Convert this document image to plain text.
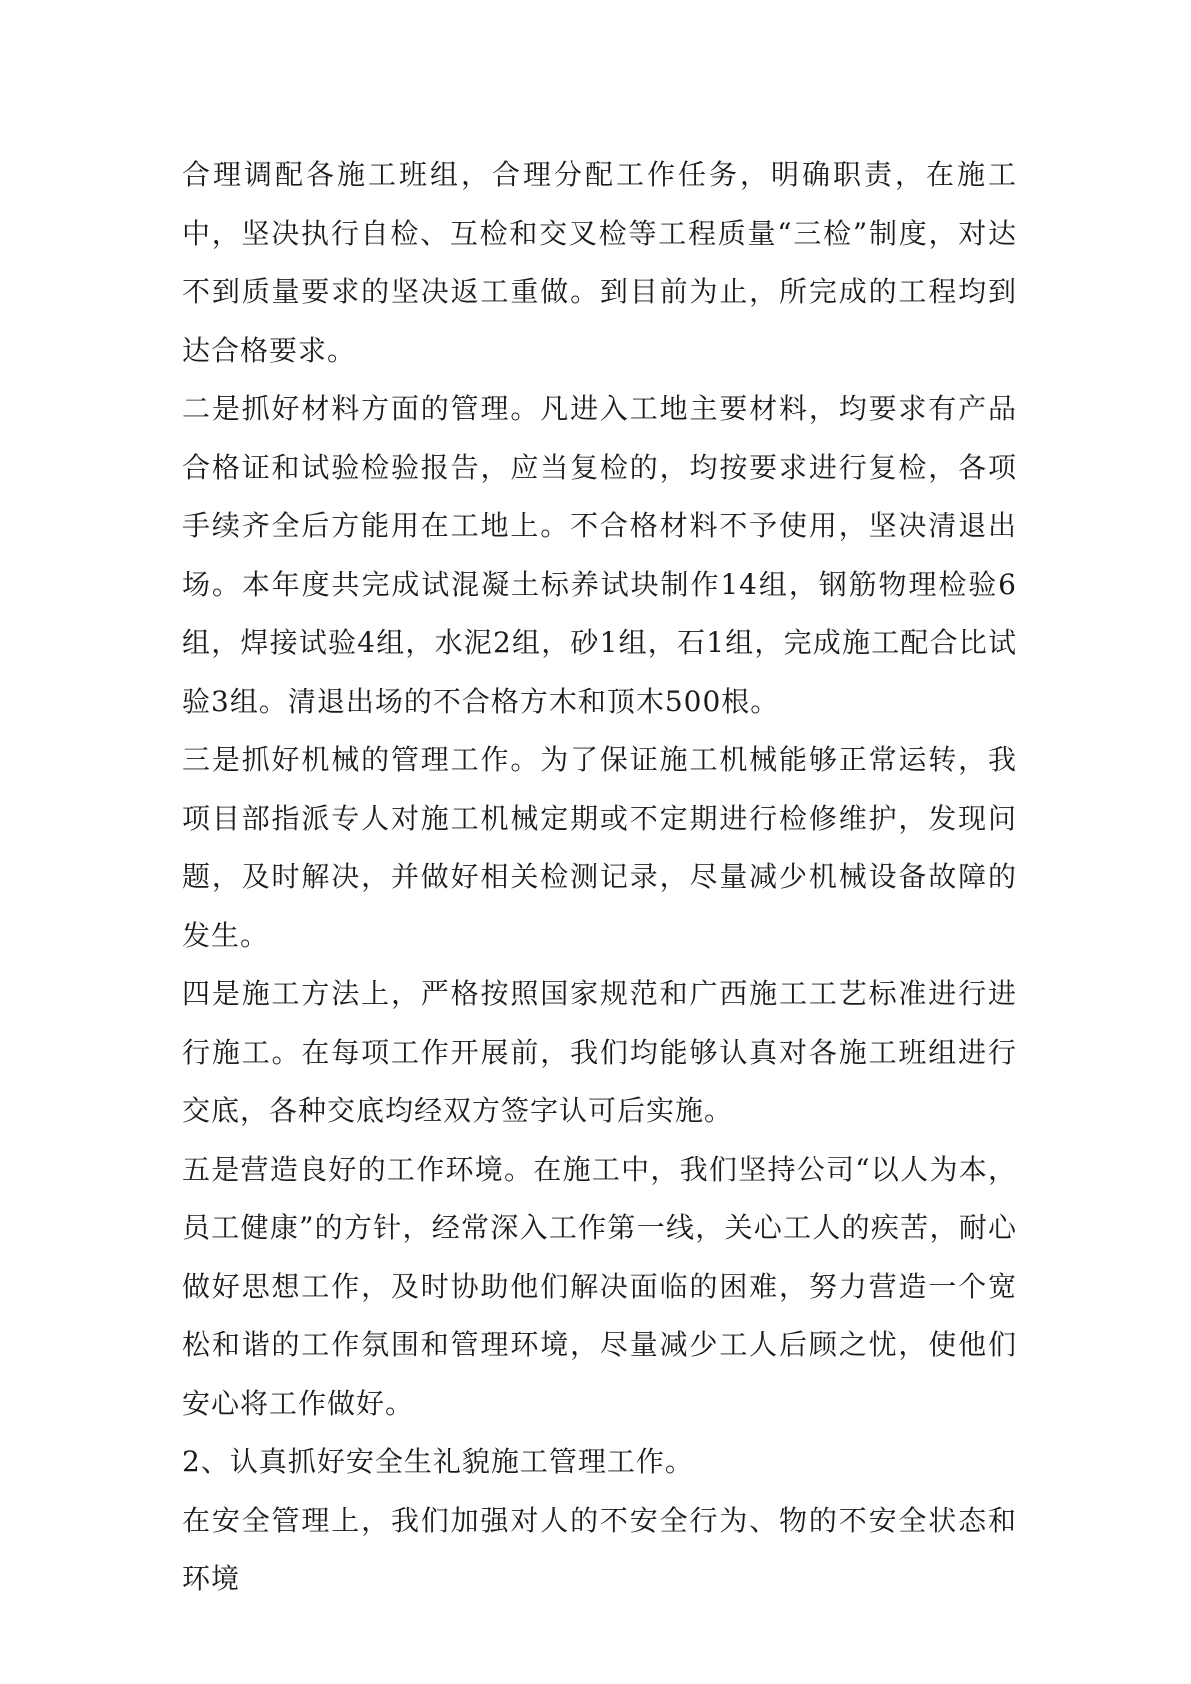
合理调配各施工班组，合理分配工作任务，明确职责，在施工中，坚决执行自检、互检和交叉检等工程质量“三检”制度，对达不到质量要求的坚决返工重做。到目前为止，所完成的工程均到达合格要求。

二是抓好材料方面的管理。凡进入工地主要材料，均要求有产品合格证和试验检验报告，应当复检的，均按要求进行复检，各项手续齐全后方能用在工地上。不合格材料不予使用，坚决清退出场。本年度共完成试混凝土标养试块制作14组，钢筋物理检验6组，焊接试验4组，水泥2组，砂1组，石1组，完成施工配合比试验3组。清退出场的不合格方木和顶木500根。

三是抓好机械的管理工作。为了保证施工机械能够正常运转，我项目部指派专人对施工机械定期或不定期进行检修维护，发现问题，及时解决，并做好相关检测记录，尽量减少机械设备故障的发生。

四是施工方法上，严格按照国家规范和广西施工工艺标准进行进行施工。在每项工作开展前，我们均能够认真对各施工班组进行交底，各种交底均经双方签字认可后实施。

五是营造良好的工作环境。在施工中，我们坚持公司“以人为本，员工健康”的方针，经常深入工作第一线，关心工人的疾苦，耐心做好思想工作，及时协助他们解决面临的困难，努力营造一个宽松和谐的工作氛围和管理环境，尽量减少工人后顾之忧，使他们安心将工作做好。

2、认真抓好安全生礼貌施工管理工作。

在安全管理上，我们加强对人的不安全行为、物的不安全状态和环境
